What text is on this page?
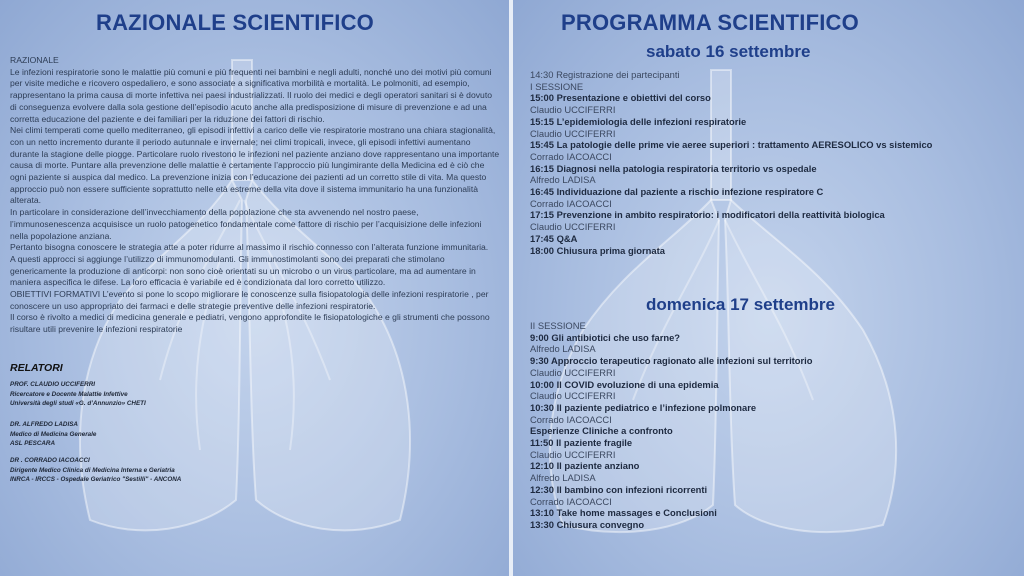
RAZIONALE SCIENTIFICO

RAZIONALE

Le infezioni respiratorie sono le malattie più comuni e più frequenti nei bambini e negli adulti, nonché uno dei motivi più comuni per visite mediche e ricovero ospedaliero, e sono associate a significativa morbilità e mortalità. Le polmoniti, ad esempio, rappresentano la prima causa di morte infettiva nei paesi industrializzati. Il ruolo dei medici e degli operatori sanitari si è dovuto di conseguenza evolvere dalla sola gestione dell’episodio acuto anche alla predisposizione di misure di prevenzione e ad una corretta educazione del paziente e dei familiari per la riduzione dei fattori di rischio.

Nei climi temperati come quello mediterraneo, gli episodi infettivi a carico delle vie respiratorie mostrano una chiara stagionalità, con un netto incremento durante il periodo autunnale e invernale; nei climi tropicali, invece, gli episodi infettivi aumentano durante la stagione delle piogge. Particolare ruolo rivestono le infezioni nel paziente anziano dove rappresentano una importante causa di morte. Puntare alla prevenzione delle malattie è certamente l’approccio più lungimirante della Medicina ed è ciò che ogni paziente si auspica dal medico. La prevenzione inizia con l’educazione dei pazienti ad un corretto stile di vita. Ma questo approccio può non essere sufficiente soprattutto nelle età estreme della vita dove il sistema immunitario ha una funzionalità alterata.

In particolare in considerazione dell’invecchiamento della popolazione che sta avvenendo nel nostro paese, l’immunosenescenza acquisisce un ruolo patogenetico fondamentale come fattore di rischio per l’acquisizione delle infezioni nella popolazione anziana.

Pertanto bisogna conoscere le strategia atte a poter ridurre al massimo il rischio connesso con l’alterata funzione immunitaria.

A questi approcci si aggiunge l’utilizzo di immunomodulanti. Gli immunostimolanti sono dei preparati che stimolano genericamente la produzione di anticorpi: non sono cioè orientati su un microbo o un virus particolare, ma ad aumentare in maniera aspecifica le difese. La loro efficacia è variabile ed è condizionata dal loro corretto utilizzo.

OBIETTIVI FORMATIVI L’evento si pone lo scopo migliorare le conoscenze sulla fisiopatologia delle infezioni respiratorie , per conoscere un uso appropriato dei farmaci e delle strategie preventive delle infezioni respiratorie.

Il corso è rivolto a medici di medicina generale e pediatri, vengono approfondite le fisiopatologiche e gli strumenti che possono risultare utili prevenire le infezioni respiratorie

RELATORI
PROF. CLAUDIO UCCIFERRI
Ricercatore e Docente Malattie Infettive
Università degli studi «G. d’Annunzio» CHETI
DR. ALFREDO LADISA
Medico di Medicina Generale
ASL PESCARA
DR . CORRADO IACOACCI
Dirigente Medico Clinica di Medicina Interna e Geriatria
INRCA - IRCCS - Ospedale Geriatrico "Sestilli" - ANCONA
PROGRAMMA SCIENTIFICO
sabato 16 settembre
14:30 Registrazione dei partecipanti
I SESSIONE
15:00 Presentazione e obiettivi del corso
Claudio UCCIFERRI
15:15 L’epidemiologia delle infezioni respiratorie
Claudio UCCIFERRI
15:45 La patologie delle prime vie aeree superiori : trattamento AERESOLICO vs sistemico
Corrado IACOACCI
16:15 Diagnosi nella patologia respiratoria territorio vs ospedale
Alfredo LADISA
16:45 Individuazione dal paziente a rischio infezione respiratore C
Corrado IACOACCI
17:15 Prevenzione in ambito respiratorio: i modificatori della reattività biologica
Claudio UCCIFERRI
17:45 Q&A
18:00 Chiusura prima giornata
domenica 17 settembre
II SESSIONE
9:00 Gli antibiotici che uso farne?
Alfredo LADISA
9:30 Approccio terapeutico ragionato alle infezioni sul territorio
Claudio UCCIFERRI
10:00 Il COVID evoluzione di una epidemia
Claudio UCCIFERRI
10:30 Il paziente pediatrico e l’infezione polmonare
Corrado IACOACCI
Esperienze Cliniche a confronto
11:50 Il paziente fragile
Claudio UCCIFERRI
12:10 Il paziente anziano
Alfredo LADISA
12:30 Il bambino con infezioni ricorrenti
Corrado IACOACCI
13:10 Take home massages e Conclusioni
13:30 Chiusura convegno
